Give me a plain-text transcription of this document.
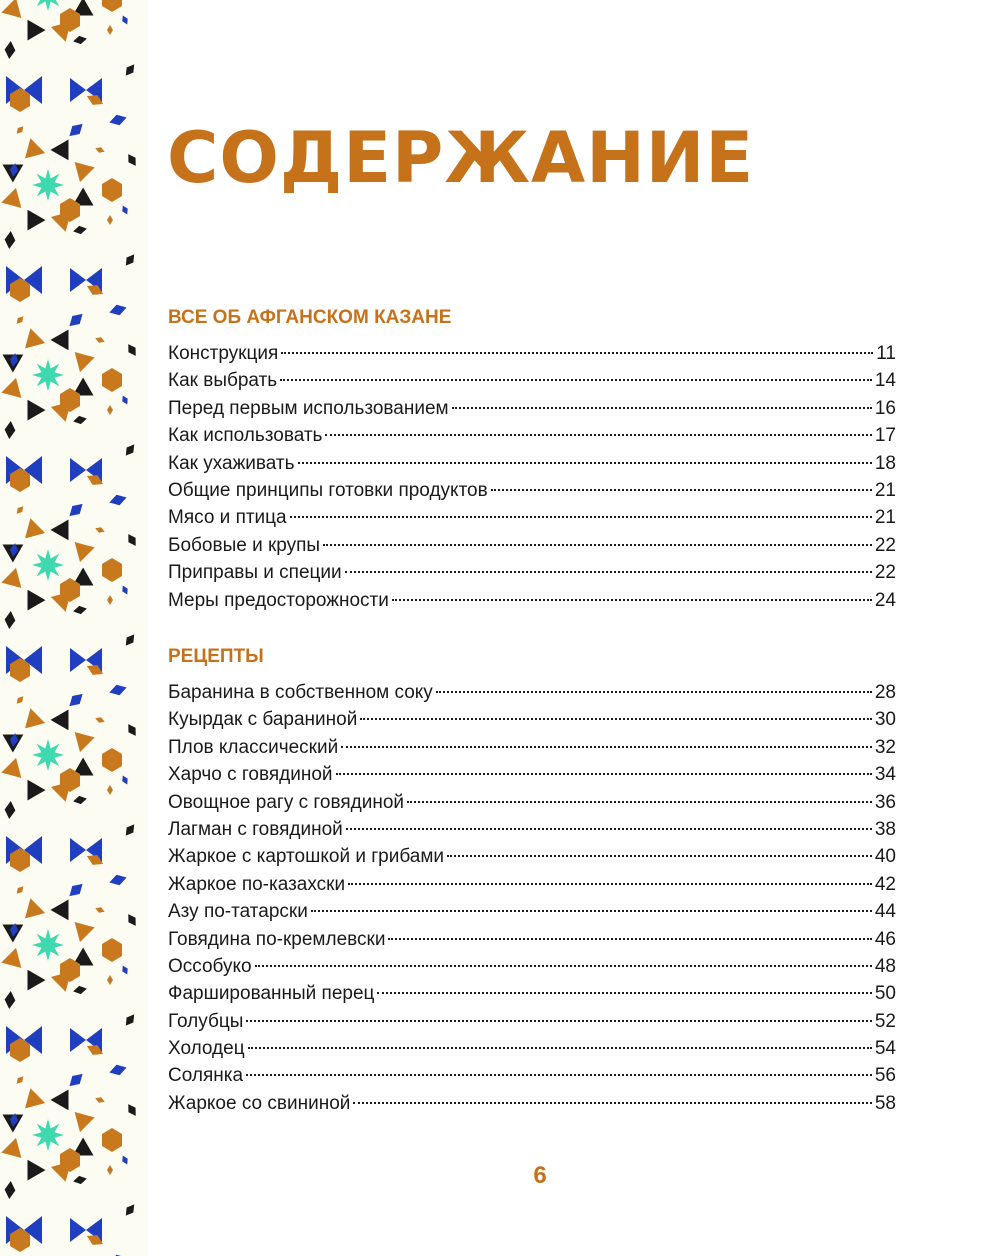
СОДЕРЖАНИЕ
ВСЕ ОБ АФГАНСКОМ КАЗАНЕ
Конструкция	11
Как выбрать	14
Перед первым использованием	16
Как использовать	17
Как ухаживать	18
Общие принципы готовки продуктов	21
Мясо и птица	21
Бобовые и крупы	22
Приправы и специи	22
Меры предосторожности	24
РЕЦЕПТЫ
Баранина в собственном соку	28
Куырдак с бараниной	30
Плов классический	32
Харчо с говядиной	34
Овощное рагу с говядиной	36
Лагман с говядиной	38
Жаркое с картошкой и грибами	40
Жаркое по-казахски	42
Азу по-татарски	44
Говядина по-кремлевски	46
Оссобуко	48
Фаршированный перец	50
Голубцы	52
Холодец	54
Солянка	56
Жаркое со свининой	58
6
